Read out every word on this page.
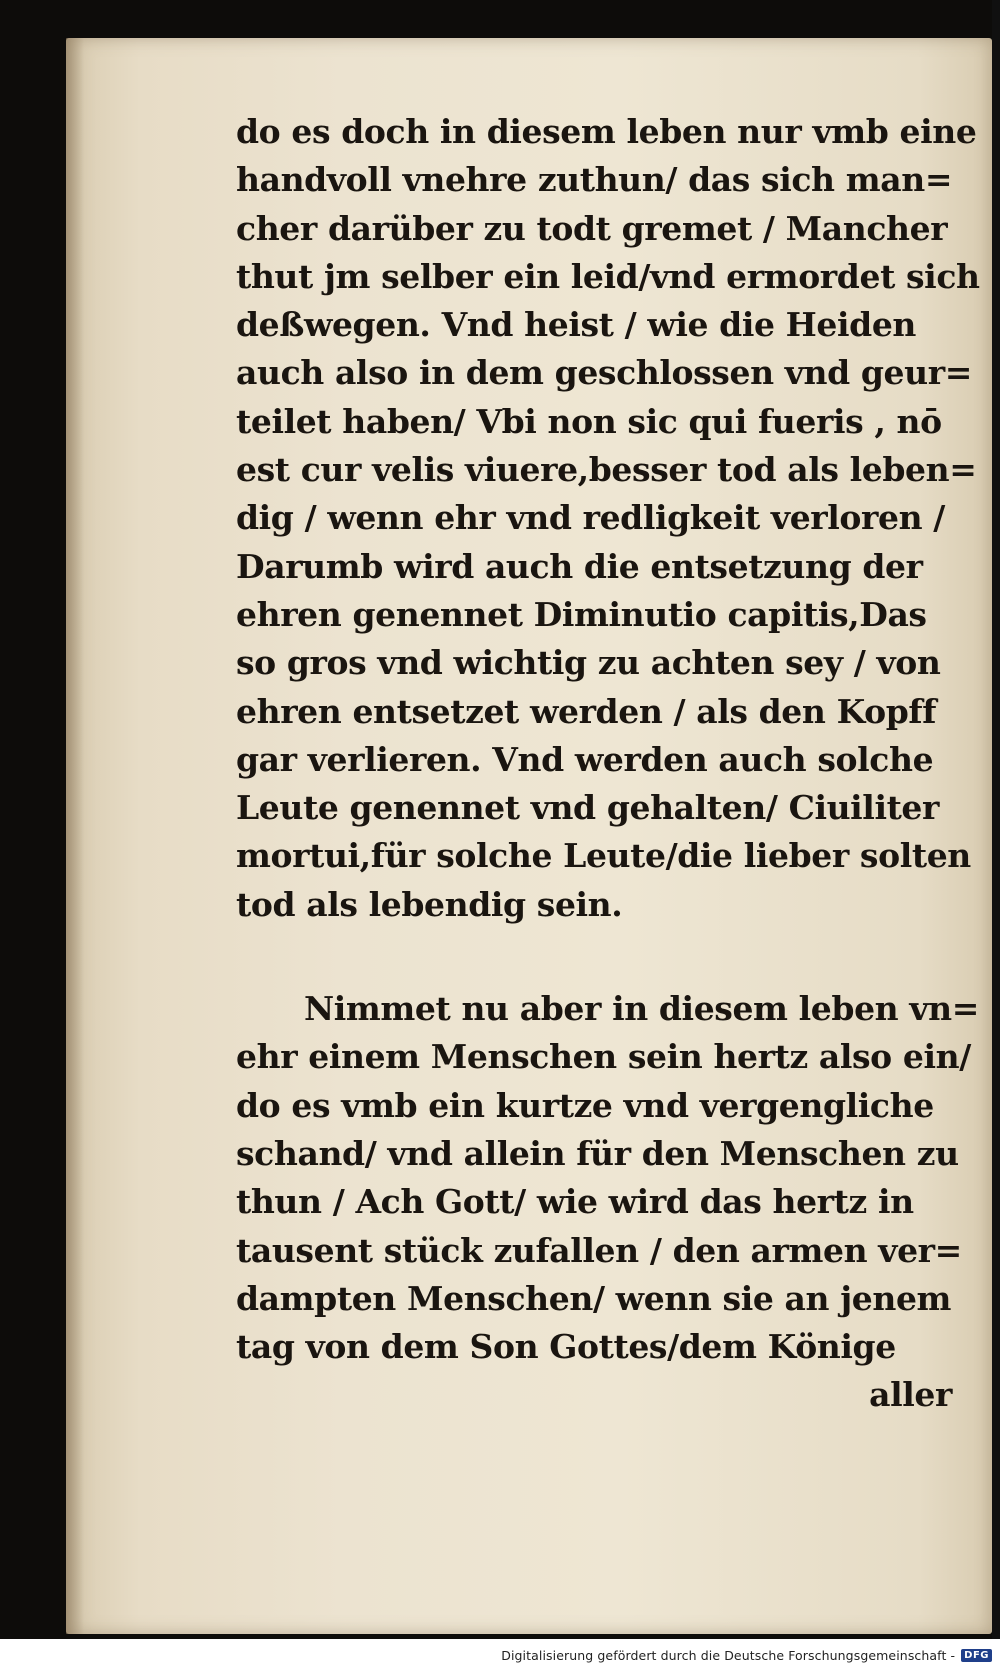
do es doch in diesem leben nur vmb eine
handvoll vnehre zuthun/ das sich man=
cher darüber zu todt gremet / Mancher
thut jm selber ein leid/vnd ermordet sich
deßwegen. Vnd heist / wie die Heiden
auch also in dem geschlossen vnd geur=
teilet haben/ Vbi non sic qui fueris , nō
est cur velis viuere,besser tod als leben=
dig / wenn ehr vnd redligkeit verloren /
Darumb wird auch die entsetzung der
ehren genennet Diminutio capitis,Das
so gros vnd wichtig zu achten sey / von
ehren entsetzet werden / als den Kopff
gar verlieren. Vnd werden auch solche
Leute genennet vnd gehalten/ Ciuiliter
mortui,für solche Leute/die lieber solten
tod als lebendig sein.
Nimmet nu aber in diesem leben vn=
ehr einem Menschen sein hertz also ein/
do es vmb ein kurtze vnd vergengliche
schand/ vnd allein für den Menschen zu
thun / Ach Gott/ wie wird das hertz in
tausent stück zufallen / den armen ver=
dampten Menschen/ wenn sie an jenem
tag von dem Son Gottes/dem Könige
aller
Digitalisierung gefördert durch die Deutsche Forschungsgemeinschaft - DFG
